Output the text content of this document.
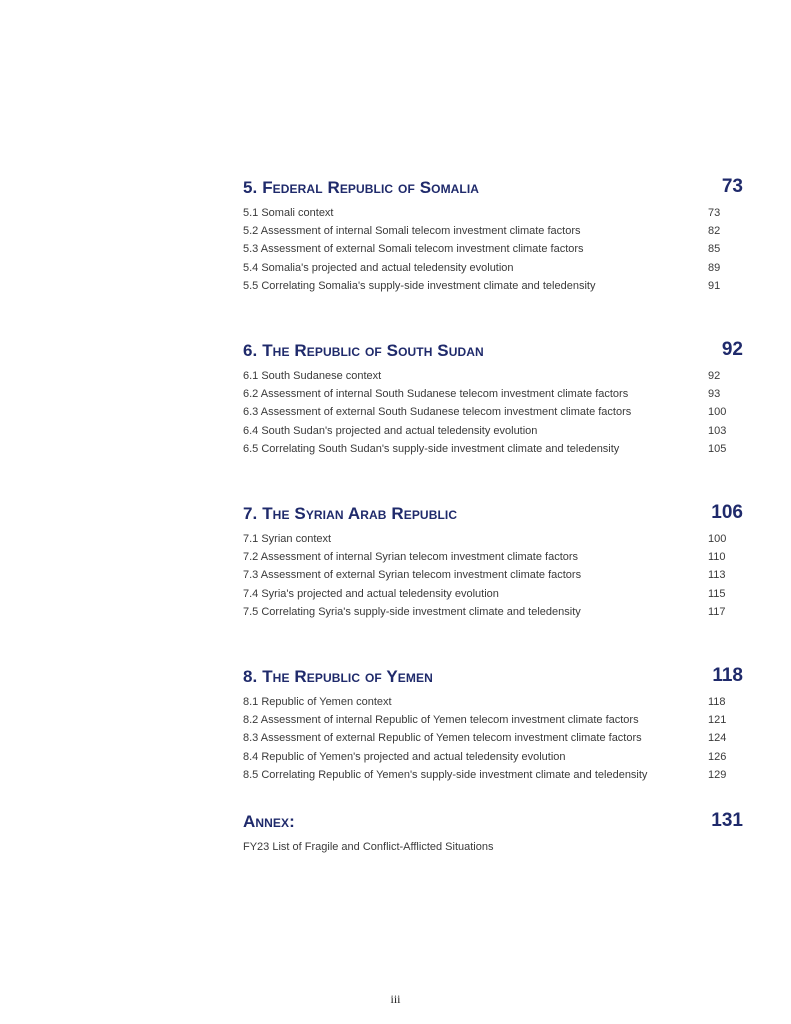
5. Federal Republic of Somalia	73
5.1 Somali context	73
5.2 Assessment of internal Somali telecom investment climate factors	82
5.3 Assessment of external Somali telecom investment climate factors	85
5.4 Somalia's projected and actual teledensity evolution	89
5.5 Correlating Somalia's supply-side investment climate and teledensity	91
6. The Republic of South Sudan	92
6.1 South Sudanese context	92
6.2 Assessment of internal South Sudanese telecom investment climate factors	93
6.3 Assessment of external South Sudanese telecom investment climate factors	100
6.4 South Sudan's projected and actual teledensity evolution	103
6.5 Correlating South Sudan's supply-side investment climate and teledensity	105
7. The Syrian Arab Republic	106
7.1 Syrian context	100
7.2 Assessment of internal Syrian telecom investment climate factors	110
7.3 Assessment of external Syrian telecom investment climate factors	113
7.4 Syria's projected and actual teledensity evolution	115
7.5 Correlating Syria's supply-side investment climate and teledensity	117
8. The Republic of Yemen	118
8.1 Republic of Yemen context	118
8.2 Assessment of internal Republic of Yemen telecom investment climate factors	121
8.3 Assessment of external Republic of Yemen telecom investment climate factors	124
8.4 Republic of Yemen's projected and actual teledensity evolution	126
8.5 Correlating Republic of Yemen's supply-side investment climate and teledensity	129
Annex:	131
FY23 List of Fragile and Conflict-Afflicted Situations
iii
